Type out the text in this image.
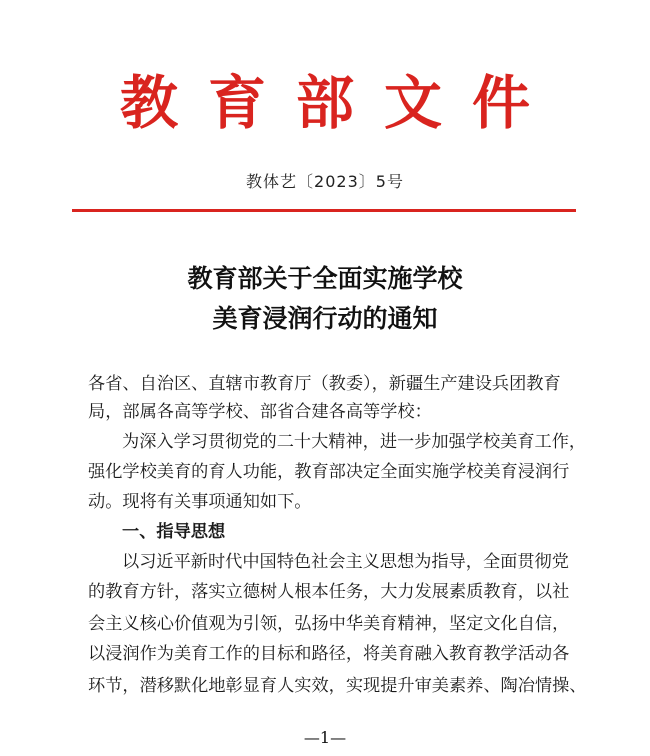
教育部文件
教体艺〔2023〕5号
教育部关于全面实施学校
美育浸润行动的通知
各省、自治区、直辖市教育厅（教委），新疆生产建设兵团教育
局，部属各高等学校、部省合建各高等学校：
为深入学习贯彻党的二十大精神，进一步加强学校美育工作，
强化学校美育的育人功能，教育部决定全面实施学校美育浸润行
动。现将有关事项通知如下。
一、指导思想
以习近平新时代中国特色社会主义思想为指导，全面贯彻党
的教育方针，落实立德树人根本任务，大力发展素质教育，以社
会主义核心价值观为引领，弘扬中华美育精神，坚定文化自信，
以浸润作为美育工作的目标和路径，将美育融入教育教学活动各
环节，潜移默化地彰显育人实效，实现提升审美素养、陶冶情操、
—1—
